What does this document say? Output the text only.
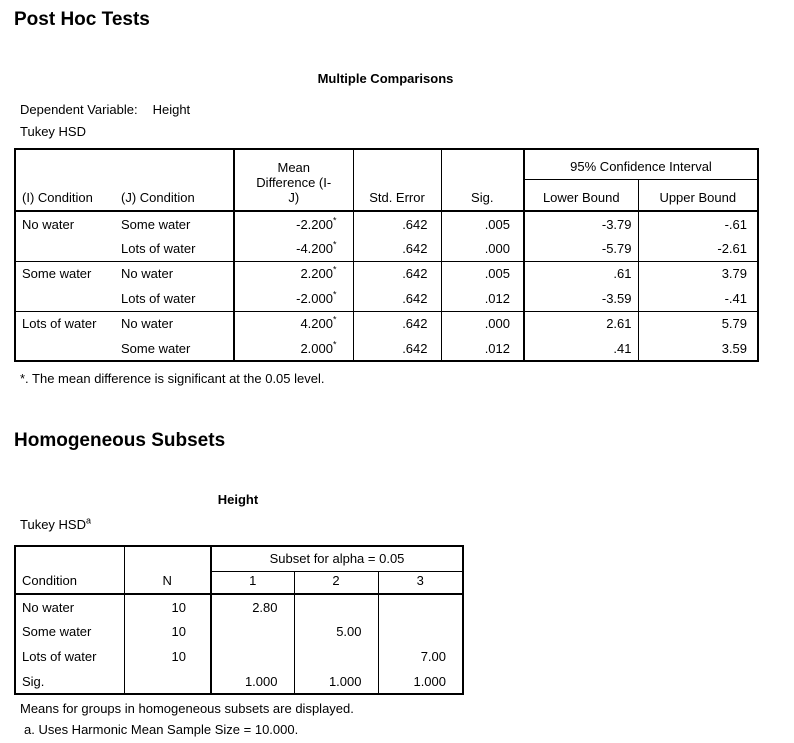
Post Hoc Tests
Multiple Comparisons
Dependent Variable: Height
Tukey HSD
(I) Condition	(J) Condition	Mean
Difference (I-
J)	Std. Error	Sig.	95% Confidence Interval	
					Lower Bound	Upper Bound
No water	Some water	-2.200*	.642	.005	-3.79	-.61
	Lots of water	-4.200*	.642	.000	-5.79	-2.61
Some water	No water	2.200*	.642	.005	.61	3.79
	Lots of water	-2.000*	.642	.012	-3.59	-.41
Lots of water	No water	4.200*	.642	.000	2.61	5.79
	Some water	2.000*	.642	.012	.41	3.59
*. The mean difference is significant at the 0.05 level.
Homogeneous Subsets
Height
Tukey HSD$^a$
Condition	N	Subset for alpha = 0.05		
		1	2	3
No water	10	2.80		
Some water	10		5.00	
Lots of water	10			7.00
Sig.		1.000	1.000	1.000
Means for groups in homogeneous subsets are displayed.
a. Uses Harmonic Mean Sample Size = 10.000.
